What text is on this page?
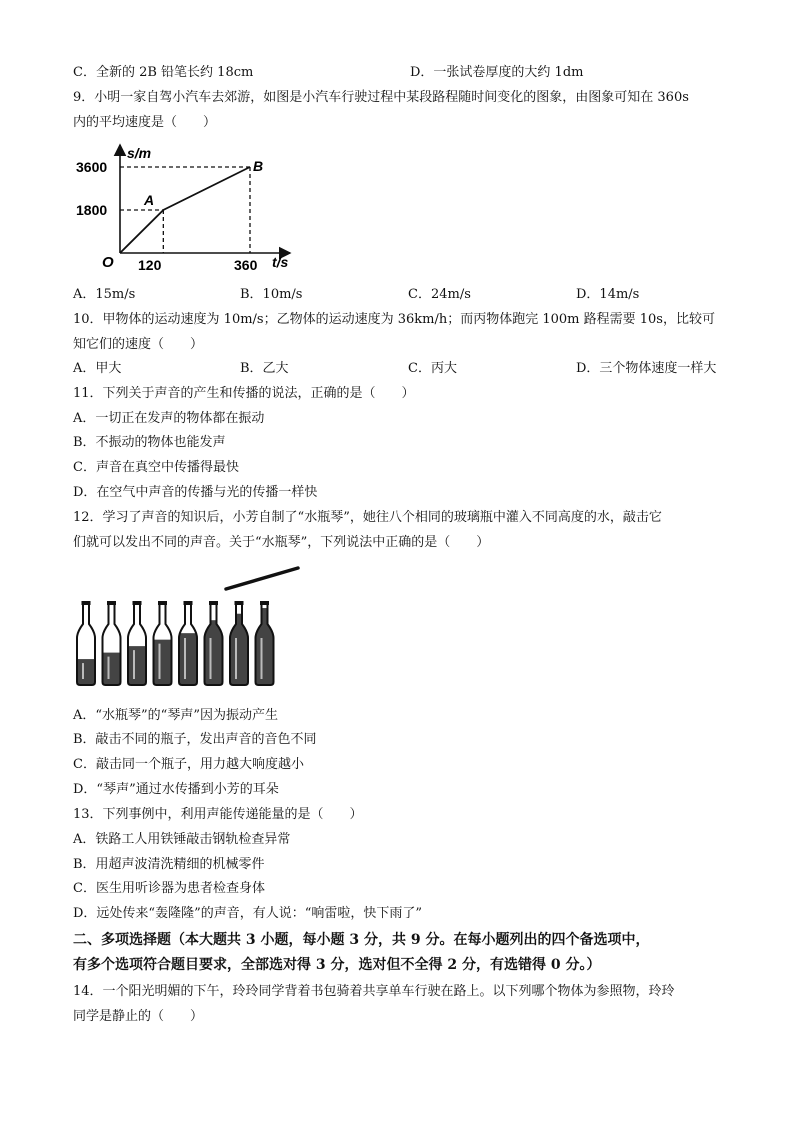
C．全新的 2B 铅笔长约 18cm	D．一张试卷厚度的大约 1dm
9．小明一家自驾小汽车去郊游，如图是小汽车行驶过程中某段路程随时间变化的图象，由图象可知在 360s
内的平均速度是（　　）
s/m
t/s
O
1800
3600
120	360
A
B
A．15m/s	B．10m/s	C．24m/s	D．14m/s
10．甲物体的运动速度为 10m/s；乙物体的运动速度为 36km/h；而丙物体跑完 100m 路程需要 10s，比较可
知它们的速度（　　）
A．甲大	B．乙大	C．丙大	D．三个物体速度一样大
11．下列关于声音的产生和传播的说法，正确的是（　　）
A．一切正在发声的物体都在振动
B．不振动的物体也能发声
C．声音在真空中传播得最快
D．在空气中声音的传播与光的传播一样快
12．学习了声音的知识后，小芳自制了“水瓶琴”，她往八个相同的玻璃瓶中灌入不同高度的水，敲击它
们就可以发出不同的声音。关于“水瓶琴”，下列说法中正确的是（　　）
A．“水瓶琴”的“琴声”因为振动产生
B．敲击不同的瓶子，发出声音的音色不同
C．敲击同一个瓶子，用力越大响度越小
D．“琴声”通过水传播到小芳的耳朵
13．下列事例中，利用声能传递能量的是（　　）
A．铁路工人用铁锤敲击钢轨检查异常
B．用超声波清洗精细的机械零件
C．医生用听诊器为患者检查身体
D．远处传来“轰隆隆”的声音，有人说：“响雷啦，快下雨了”
二、多项选择题（本大题共 3 小题，每小题 3 分，共 9 分。在每小题列出的四个备选项中，
有多个选项符合题目要求，全部选对得 3 分，选对但不全得 2 分，有选错得 0 分。）
14．一个阳光明媚的下午，玲玲同学背着书包骑着共享单车行驶在路上。以下列哪个物体为参照物，玲玲
同学是静止的（　　）
